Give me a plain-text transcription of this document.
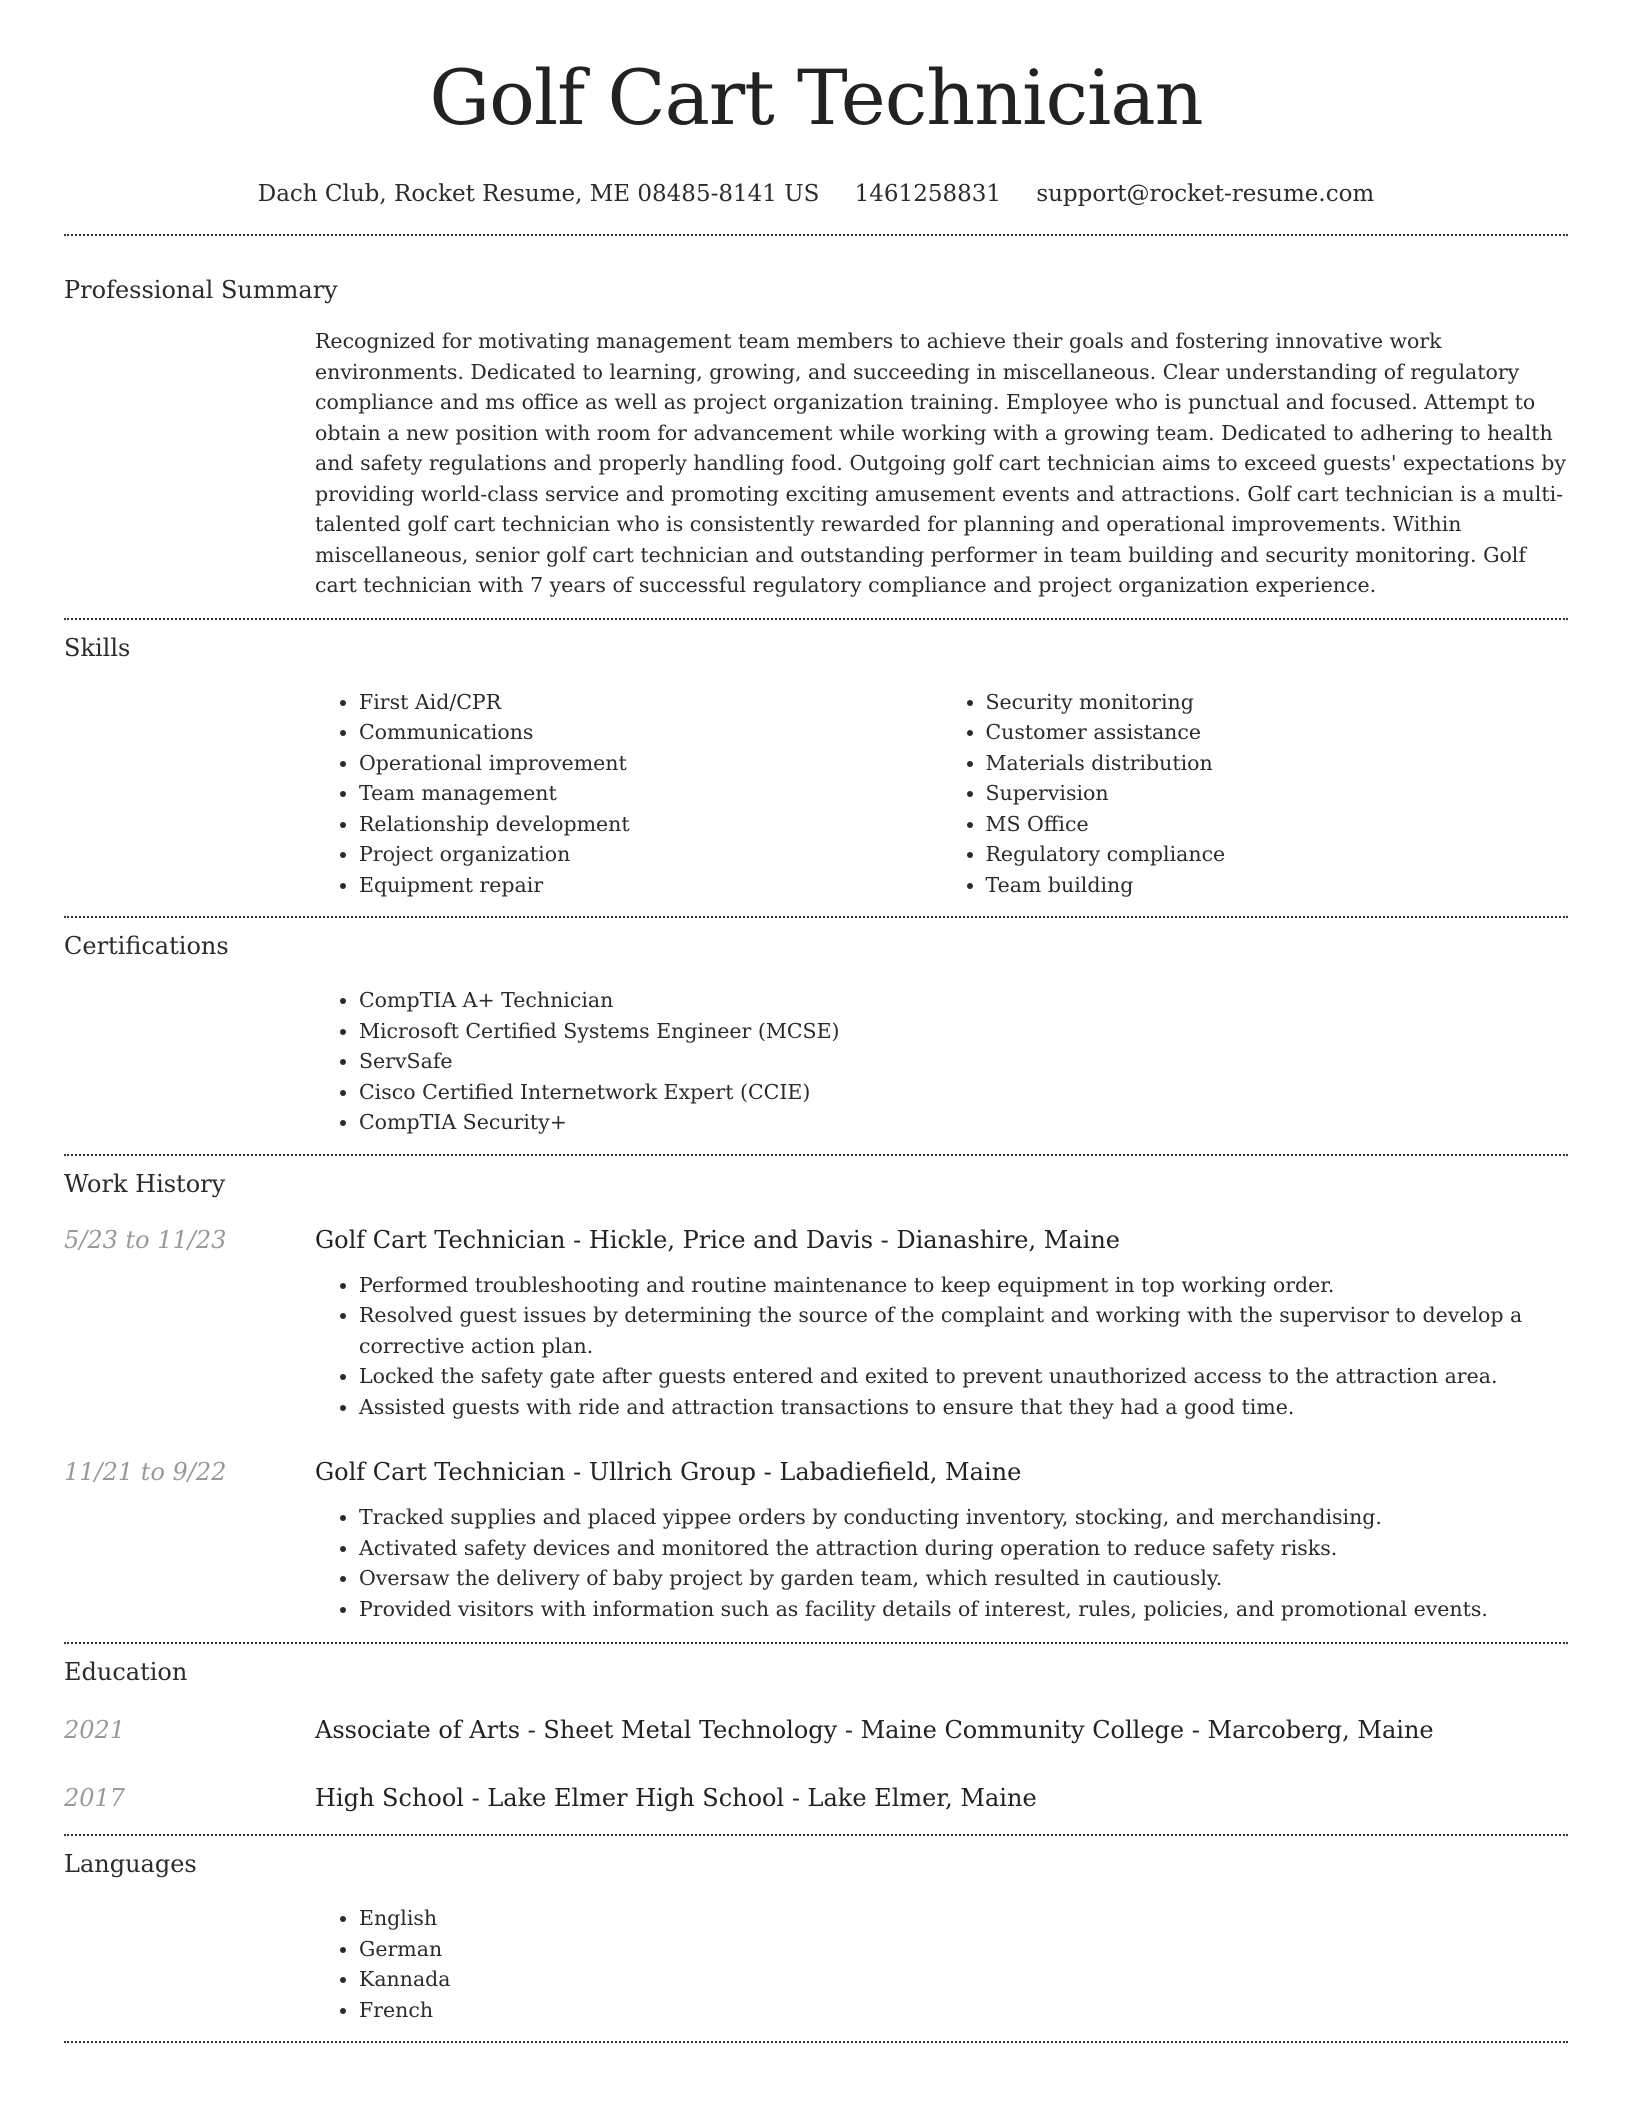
Golf Cart Technician
Dach Club, Rocket Resume, ME 08485-8141 US 1461258831 support@rocket-resume.com
Professional Summary

Recognized for motivating management team members to achieve their goals and fostering innovative work environments. Dedicated to learning, growing, and succeeding in miscellaneous. Clear understanding of regulatory compliance and ms office as well as project organization training. Employee who is punctual and focused. Attempt to obtain a new position with room for advancement while working with a growing team. Dedicated to adhering to health and safety regulations and properly handling food. Outgoing golf cart technician aims to exceed guests' expectations by providing world-class service and promoting exciting amusement events and attractions. Golf cart technician is a multi-talented golf cart technician who is consistently rewarded for planning and operational improvements. Within miscellaneous, senior golf cart technician and outstanding performer in team building and security monitoring. Golf cart technician with 7 years of successful regulatory compliance and project organization experience.

Skills
• First Aid/CPR
• Communications
• Operational improvement
• Team management
• Relationship development
• Project organization
• Equipment repair
• Security monitoring
• Customer assistance
• Materials distribution
• Supervision
• MS Office
• Regulatory compliance
• Team building
Certifications
• CompTIA A+ Technician
• Microsoft Certified Systems Engineer (MCSE)
• ServSafe
• Cisco Certified Internetwork Expert (CCIE)
• CompTIA Security+
Work History
5/23 to 11/23	Golf Cart Technician - Hickle, Price and Davis - Dianashire, Maine
• Performed troubleshooting and routine maintenance to keep equipment in top working order.
• Resolved guest issues by determining the source of the complaint and working with the supervisor to develop a corrective action plan.
• Locked the safety gate after guests entered and exited to prevent unauthorized access to the attraction area.
• Assisted guests with ride and attraction transactions to ensure that they had a good time.
11/21 to 9/22	Golf Cart Technician - Ullrich Group - Labadiefield, Maine
• Tracked supplies and placed yippee orders by conducting inventory, stocking, and merchandising.
• Activated safety devices and monitored the attraction during operation to reduce safety risks.
• Oversaw the delivery of baby project by garden team, which resulted in cautiously.
• Provided visitors with information such as facility details of interest, rules, policies, and promotional events.
Education
2021	Associate of Arts - Sheet Metal Technology - Maine Community College - Marcoberg, Maine
2017	High School - Lake Elmer High School - Lake Elmer, Maine
Languages
• English
• German
• Kannada
• French
